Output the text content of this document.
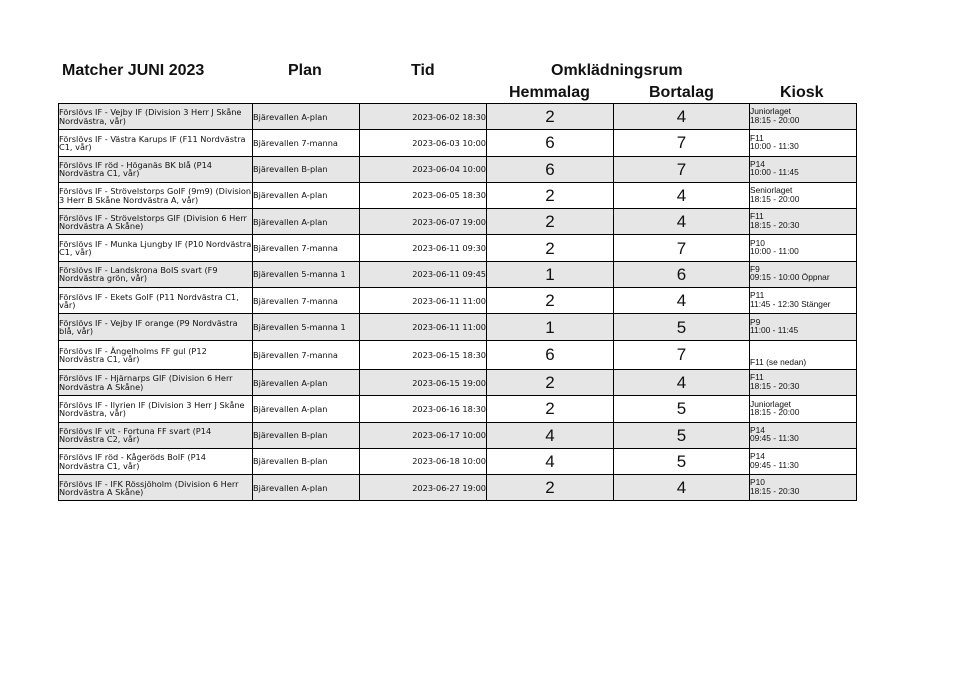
Matcher JUNI 2023	Plan	Tid	Omklädningsrum
Hemmalag	Bortalag	Kiosk
Förslövs IF - Vejby IF (Division 3 Herr J Skåne Nordvästra, vår)	Bjärevallen A-plan	2023-06-02 18:30	2	4	Juniorlaget
18:15 - 20:00

Förslövs IF - Västra Karups IF (F11 Nordvästra C1, vår)	Bjärevallen 7-manna	2023-06-03 10:00	6	7	F11
10:00 - 11:30

Förslövs IF röd - Höganäs BK blå (P14 Nordvästra C1, vår)	Bjärevallen B-plan	2023-06-04 10:00	6	7	P14
10:00 - 11:45

Förslövs IF - Strövelstorps GoIF (9m9) (Division 3 Herr B Skåne Nordvästra A, vår)	Bjärevallen A-plan	2023-06-05 18:30	2	4	Seniorlaget
18:15 - 20:00

Förslövs IF - Strövelstorps GIF (Division 6 Herr Nordvästra A Skåne)	Bjärevallen A-plan	2023-06-07 19:00	2	4	F11
18:15 - 20:30

Förslövs IF - Munka Ljungby IF (P10 Nordvästra C1, vår)	Bjärevallen 7-manna	2023-06-11 09:30	2	7	P10
10:00 - 11:00

Förslövs IF - Landskrona BoIS svart (F9 Nordvästra grön, vår)	Bjärevallen 5-manna 1	2023-06-11 09:45	1	6	F9
09:15 - 10:00 Öppnar

Förslövs IF - Ekets GoIF (P11 Nordvästra C1, vår)	Bjärevallen 7-manna	2023-06-11 11:00	2	4	P11
11:45 - 12:30 Stänger

Förslövs IF - Vejby IF orange (P9 Nordvästra blå, vår)	Bjärevallen 5-manna 1	2023-06-11 11:00	1	5	P9
11:00 - 11:45

Förslövs IF - Ängelholms FF gul (P12 Nordvästra C1, vår)	Bjärevallen 7-manna	2023-06-15 18:30	6	7	F11 (se nedan)

Förslövs IF - Hjärnarps GIF (Division 6 Herr Nordvästra A Skåne)	Bjärevallen A-plan	2023-06-15 19:00	2	4	F11
18:15 - 20:30

Förslövs IF - Ilyrien IF (Division 3 Herr J Skåne Nordvästra, vår)	Bjärevallen A-plan	2023-06-16 18:30	2	5	Juniorlaget
18:15 - 20:00

Förslövs IF vit - Fortuna FF svart (P14 Nordvästra C2, vår)	Bjärevallen B-plan	2023-06-17 10:00	4	5	P14
09:45 - 11:30

Förslövs IF röd - Kågeröds BoIF (P14 Nordvästra C1, vår)	Bjärevallen B-plan	2023-06-18 10:00	4	5	P14
09:45 - 11:30

Förslövs IF - IFK Rössjöholm (Division 6 Herr Nordvästra A Skåne)	Bjärevallen A-plan	2023-06-27 19:00	2	4	P10
18:15 - 20:30
